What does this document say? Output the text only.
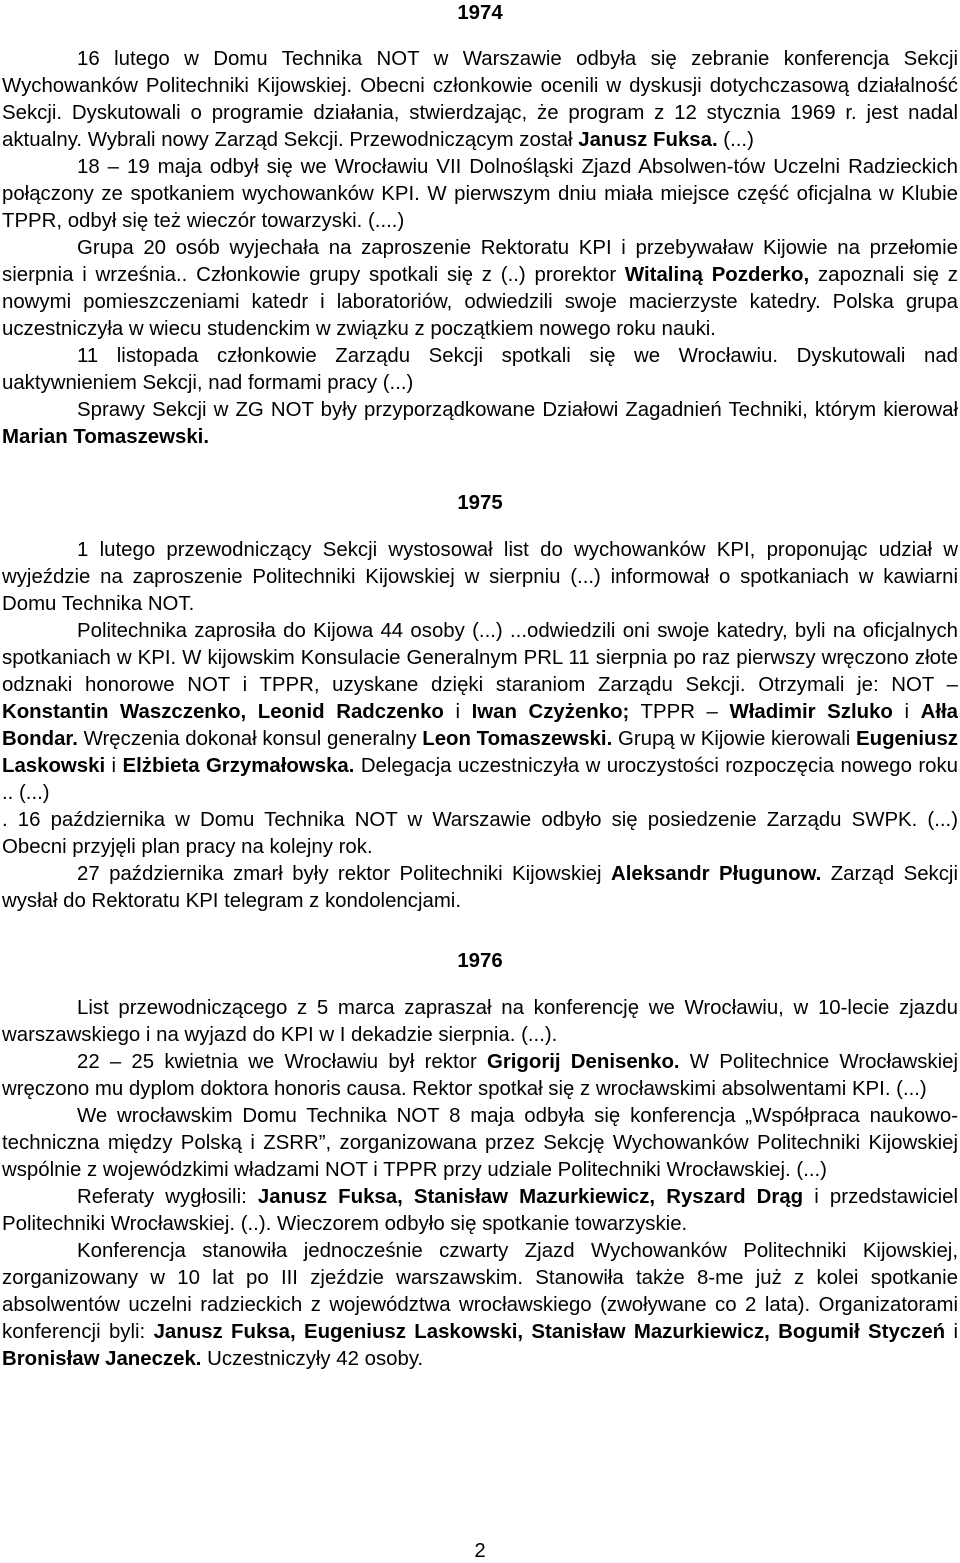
1974

16 lutego w Domu Technika NOT w Warszawie odbyła się zebranie konferencja Sekcji Wychowanków Politechniki Kijowskiej. Obecni członkowie ocenili w dyskusji dotychczasową działalność Sekcji. Dyskutowali o programie działania, stwierdzając, że program z 12 stycznia 1969 r. jest nadal aktualny. Wybrali nowy Zarząd Sekcji. Przewodniczącym został Janusz Fuksa. (...)

18 – 19 maja odbył się we Wrocławiu VII Dolnośląski Zjazd Absolwen-tów Uczelni Radzieckich połączony ze spotkaniem wychowanków KPI. W pierwszym dniu miała miejsce część oficjalna w Klubie TPPR, odbył się też wieczór towarzyski. (....)

Grupa 20 osób wyjechała na zaproszenie Rektoratu KPI i przebywaław Kijowie na przełomie sierpnia i września.. Członkowie grupy spotkali się z (..) prorektor Witaliną Pozderko, zapoznali się z nowymi pomieszczeniami katedr i laboratoriów, odwiedzili swoje macierzyste katedry. Polska grupa uczestniczyła w wiecu studenckim w związku z początkiem nowego roku nauki.

11 listopada członkowie Zarządu Sekcji spotkali się we Wrocławiu. Dyskutowali nad uaktywnieniem Sekcji, nad formami pracy (...)

Sprawy Sekcji w ZG NOT były przyporządkowane Działowi Zagadnień Techniki, którym kierował Marian Tomaszewski.

1975

1 lutego przewodniczący Sekcji wystosował list do wychowanków KPI, proponując udział w wyjeździe na zaproszenie Politechniki Kijowskiej w sierpniu (...) informował o spotkaniach w kawiarni Domu Technika NOT.

Politechnika zaprosiła do Kijowa 44 osoby (...) ...odwiedzili oni swoje katedry, byli na oficjalnych spotkaniach w KPI. W kijowskim Konsulacie Generalnym PRL 11 sierpnia po raz pierwszy wręczono złote odznaki honorowe NOT i TPPR, uzyskane dzięki staraniom Zarządu Sekcji. Otrzymali je: NOT – Konstantin Waszczenko, Leonid Radczenko i Iwan Czyżenko; TPPR – Władimir Szluko i Ałła Bondar. Wręczenia dokonał konsul generalny Leon Tomaszewski. Grupą w Kijowie kierowali Eugeniusz Laskowski i Elżbieta Grzymałowska. Delegacja uczestniczyła w uroczystości rozpoczęcia nowego roku .. (...)

. 16 października w Domu Technika NOT w Warszawie odbyło się posiedzenie Zarządu SWPK. (...) Obecni przyjęli plan pracy na kolejny rok.

27 października zmarł były rektor Politechniki Kijowskiej Aleksandr Pługunow. Zarząd Sekcji wysłał do Rektoratu KPI telegram z kondolencjami.

1976

List przewodniczącego z 5 marca zapraszał na konferencję we Wrocławiu, w 10-lecie zjazdu warszawskiego i na wyjazd do KPI w I dekadzie sierpnia. (...).

22 – 25 kwietnia we Wrocławiu był rektor Grigorij Denisenko. W Politechnice Wrocławskiej wręczono mu dyplom doktora honoris causa. Rektor spotkał się z wrocławskimi absolwentami KPI. (...)

We wrocławskim Domu Technika NOT 8 maja odbyła się konferencja „Współpraca naukowo-techniczna między Polską i ZSRR”, zorganizowana przez Sekcję Wychowanków Politechniki Kijowskiej wspólnie z wojewódzkimi władzami NOT i TPPR przy udziale Politechniki Wrocławskiej. (...)

Referaty wygłosili: Janusz Fuksa, Stanisław Mazurkiewicz, Ryszard Drąg i przedstawiciel Politechniki Wrocławskiej. (..). Wieczorem odbyło się spotkanie towarzyskie.

Konferencja stanowiła jednocześnie czwarty Zjazd Wychowanków Politechniki Kijowskiej, zorganizowany w 10 lat po III zjeździe warszawskim. Stanowiła także 8-me już z kolei spotkanie absolwentów uczelni radzieckich z województwa wrocławskiego (zwoływane co 2 lata). Organizatorami konferencji byli: Janusz Fuksa, Eugeniusz Laskowski, Stanisław Mazurkiewicz, Bogumił Styczeń i Bronisław Janeczek. Uczestniczyły 42 osoby.

2
